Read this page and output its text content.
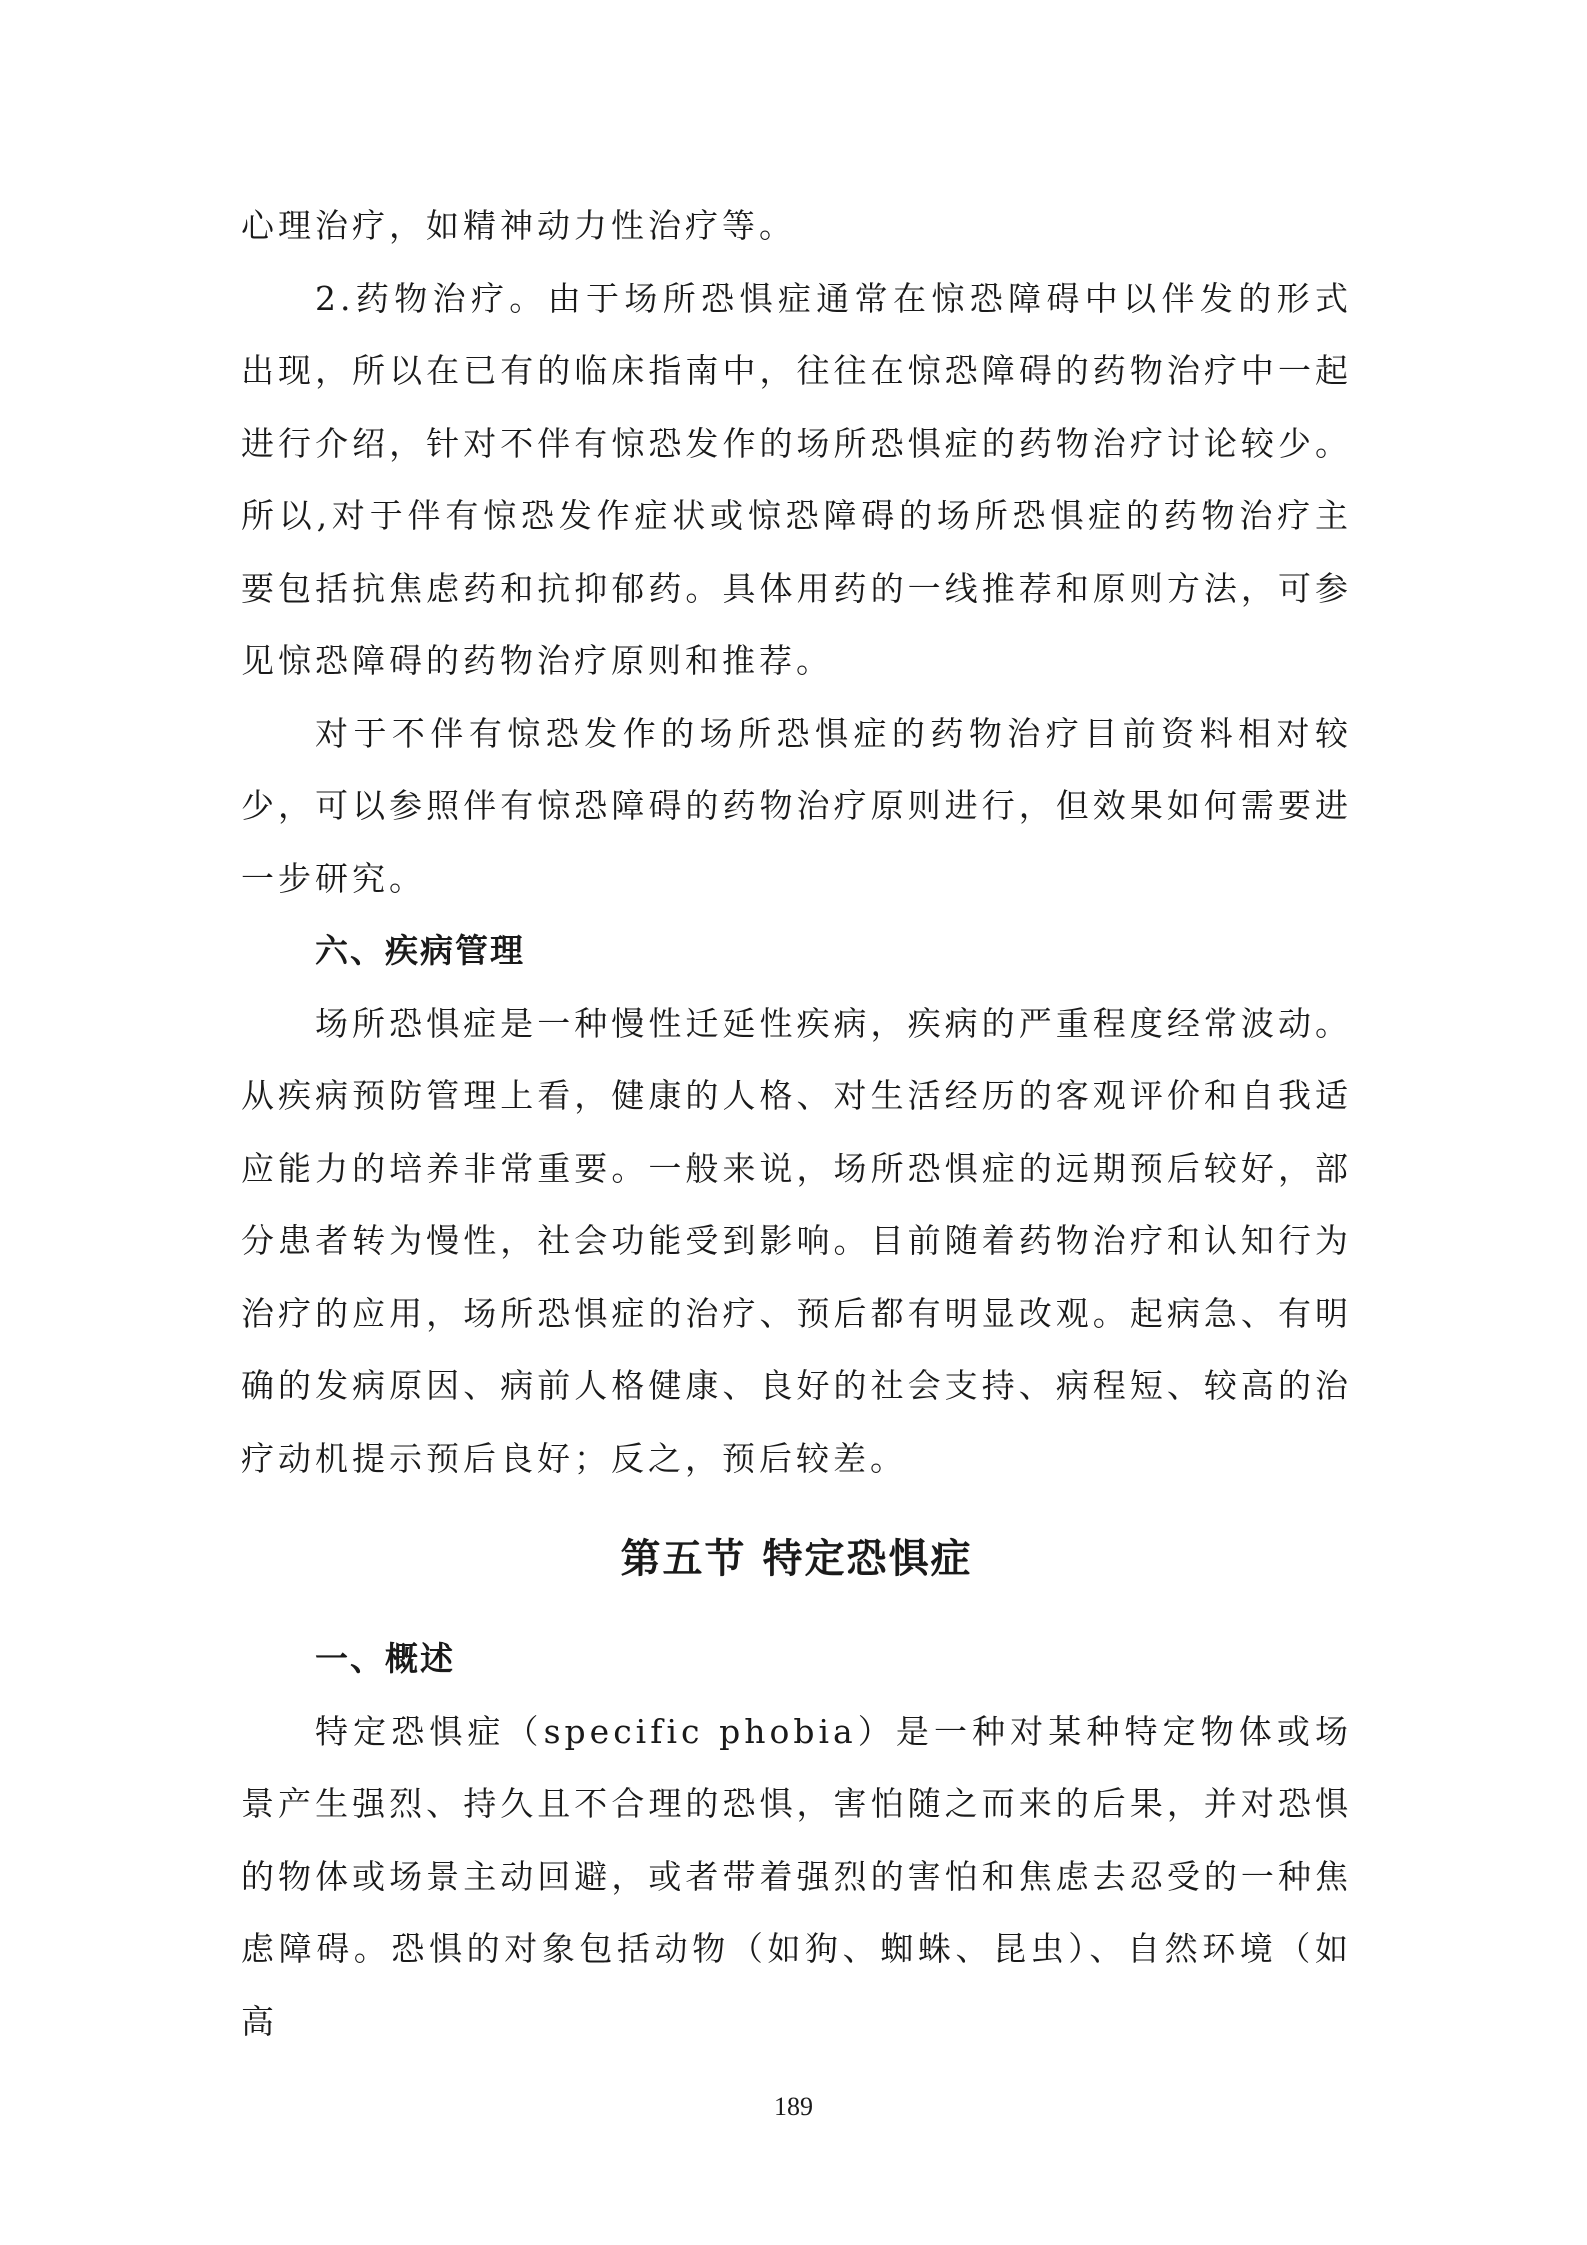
心理治疗，如精神动力性治疗等。

2.药物治疗。由于场所恐惧症通常在惊恐障碍中以伴发的形式出现，所以在已有的临床指南中，往往在惊恐障碍的药物治疗中一起进行介绍，针对不伴有惊恐发作的场所恐惧症的药物治疗讨论较少。所以,对于伴有惊恐发作症状或惊恐障碍的场所恐惧症的药物治疗主要包括抗焦虑药和抗抑郁药。具体用药的一线推荐和原则方法，可参见惊恐障碍的药物治疗原则和推荐。

对于不伴有惊恐发作的场所恐惧症的药物治疗目前资料相对较少，可以参照伴有惊恐障碍的药物治疗原则进行，但效果如何需要进一步研究。

六、疾病管理

场所恐惧症是一种慢性迁延性疾病，疾病的严重程度经常波动。从疾病预防管理上看，健康的人格、对生活经历的客观评价和自我适应能力的培养非常重要。一般来说，场所恐惧症的远期预后较好，部分患者转为慢性，社会功能受到影响。目前随着药物治疗和认知行为治疗的应用，场所恐惧症的治疗、预后都有明显改观。起病急、有明确的发病原因、病前人格健康、良好的社会支持、病程短、较高的治疗动机提示预后良好；反之，预后较差。

第五节 特定恐惧症
一、概述

特定恐惧症（specific phobia）是一种对某种特定物体或场景产生强烈、持久且不合理的恐惧，害怕随之而来的后果，并对恐惧的物体或场景主动回避，或者带着强烈的害怕和焦虑去忍受的一种焦虑障碍。恐惧的对象包括动物（如狗、蜘蛛、昆虫）、自然环境（如高

189
